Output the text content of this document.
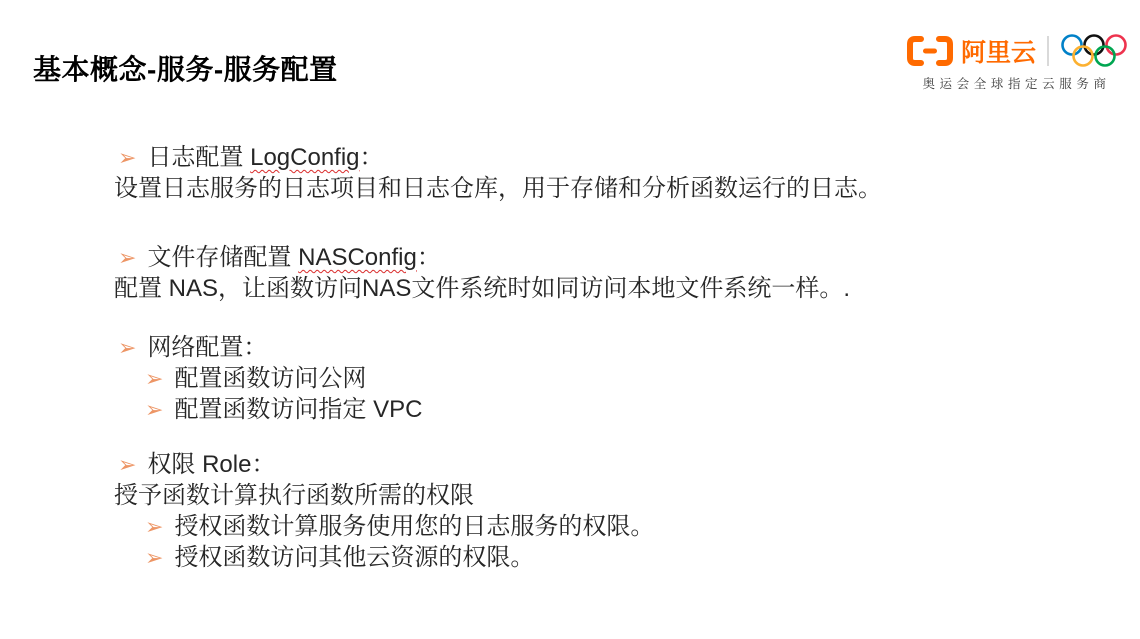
基本概念-服务-服务配置
阿里云
奥运会全球指定云服务商
➢ 日志配置 LogConfig：
设置日志服务的日志项目和日志仓库，用于存储和分析函数运行的日志。
➢ 文件存储配置 NASConfig：
配置 NAS，让函数访问NAS文件系统时如同访问本地文件系统一样。.
➢ 网络配置：
➢ 配置函数访问公网
➢ 配置函数访问指定 VPC
➢ 权限 Role：
授予函数计算执行函数所需的权限
➢ 授权函数计算服务使用您的日志服务的权限。
➢ 授权函数访问其他云资源的权限。
